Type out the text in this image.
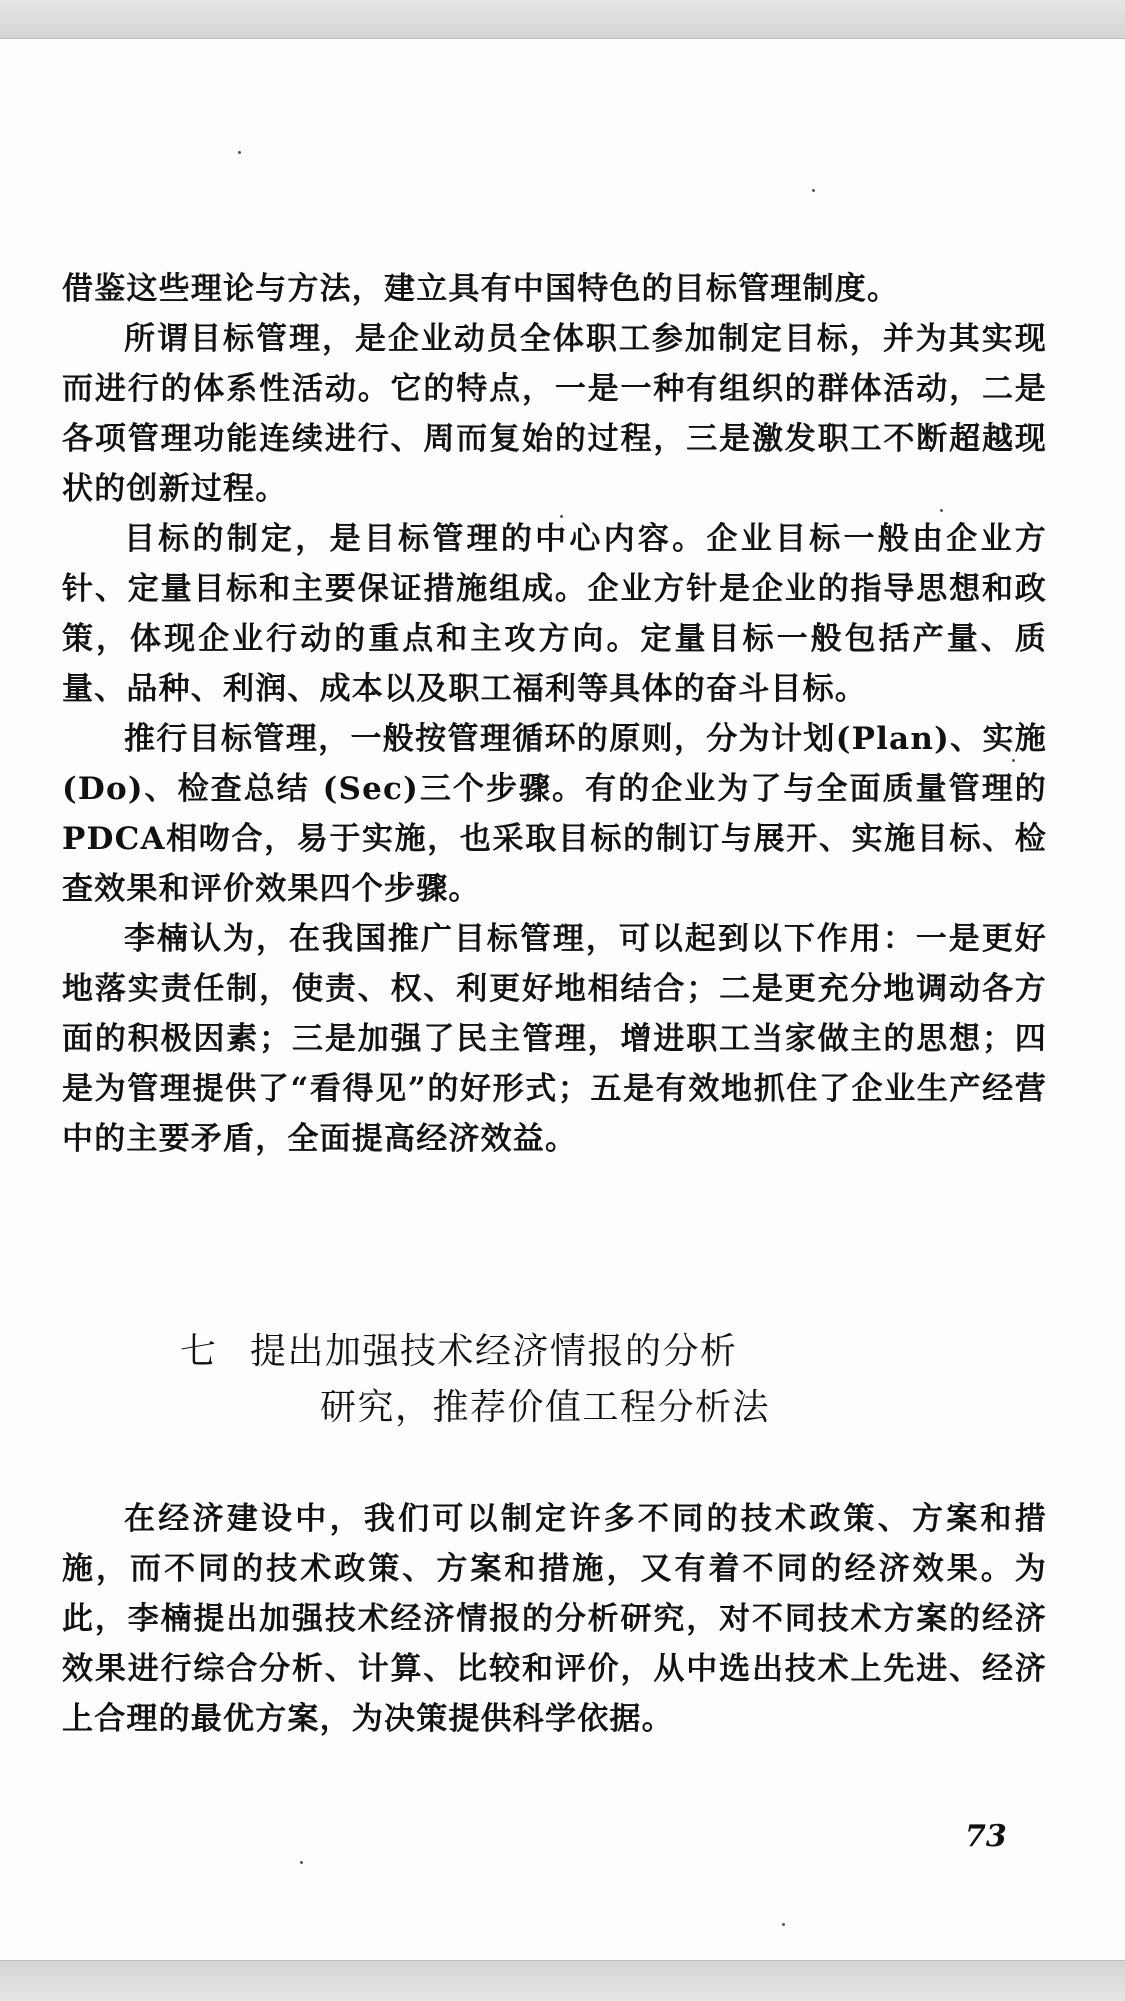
借鉴这些理论与方法，建立具有中国特色的目标管理制度。

所谓目标管理，是企业动员全体职工参加制定目标，并为其实现而进行的体系性活动。它的特点，一是一种有组织的群体活动，二是各项管理功能连续进行、周而复始的过程，三是激发职工不断超越现状的创新过程。

目标的制定，是目标管理的中心内容。企业目标一般由企业方针、定量目标和主要保证措施组成。企业方针是企业的指导思想和政策，体现企业行动的重点和主攻方向。定量目标一般包括产量、质量、品种、利润、成本以及职工福利等具体的奋斗目标。

推行目标管理，一般按管理循环的原则，分为计划(Plan)、实施(Do)、检查总结 (Sec)三个步骤。有的企业为了与全面质量管理的PDCA相吻合，易于实施，也采取目标的制订与展开、实施目标、检查效果和评价效果四个步骤。

李楠认为，在我国推广目标管理，可以起到以下作用：一是更好地落实责任制，使责、权、利更好地相结合；二是更充分地调动各方面的积极因素；三是加强了民主管理，增进职工当家做主的思想；四是为管理提供了“看得见”的好形式；五是有效地抓住了企业生产经营中的主要矛盾，全面提高经济效益。

七 提出加强技术经济情报的分析
研究，推荐价值工程分析法

在经济建设中，我们可以制定许多不同的技术政策、方案和措施，而不同的技术政策、方案和措施，又有着不同的经济效果。为此，李楠提出加强技术经济情报的分析研究，对不同技术方案的经济效果进行综合分析、计算、比较和评价，从中选出技术上先进、经济上合理的最优方案，为决策提供科学依据。

73
